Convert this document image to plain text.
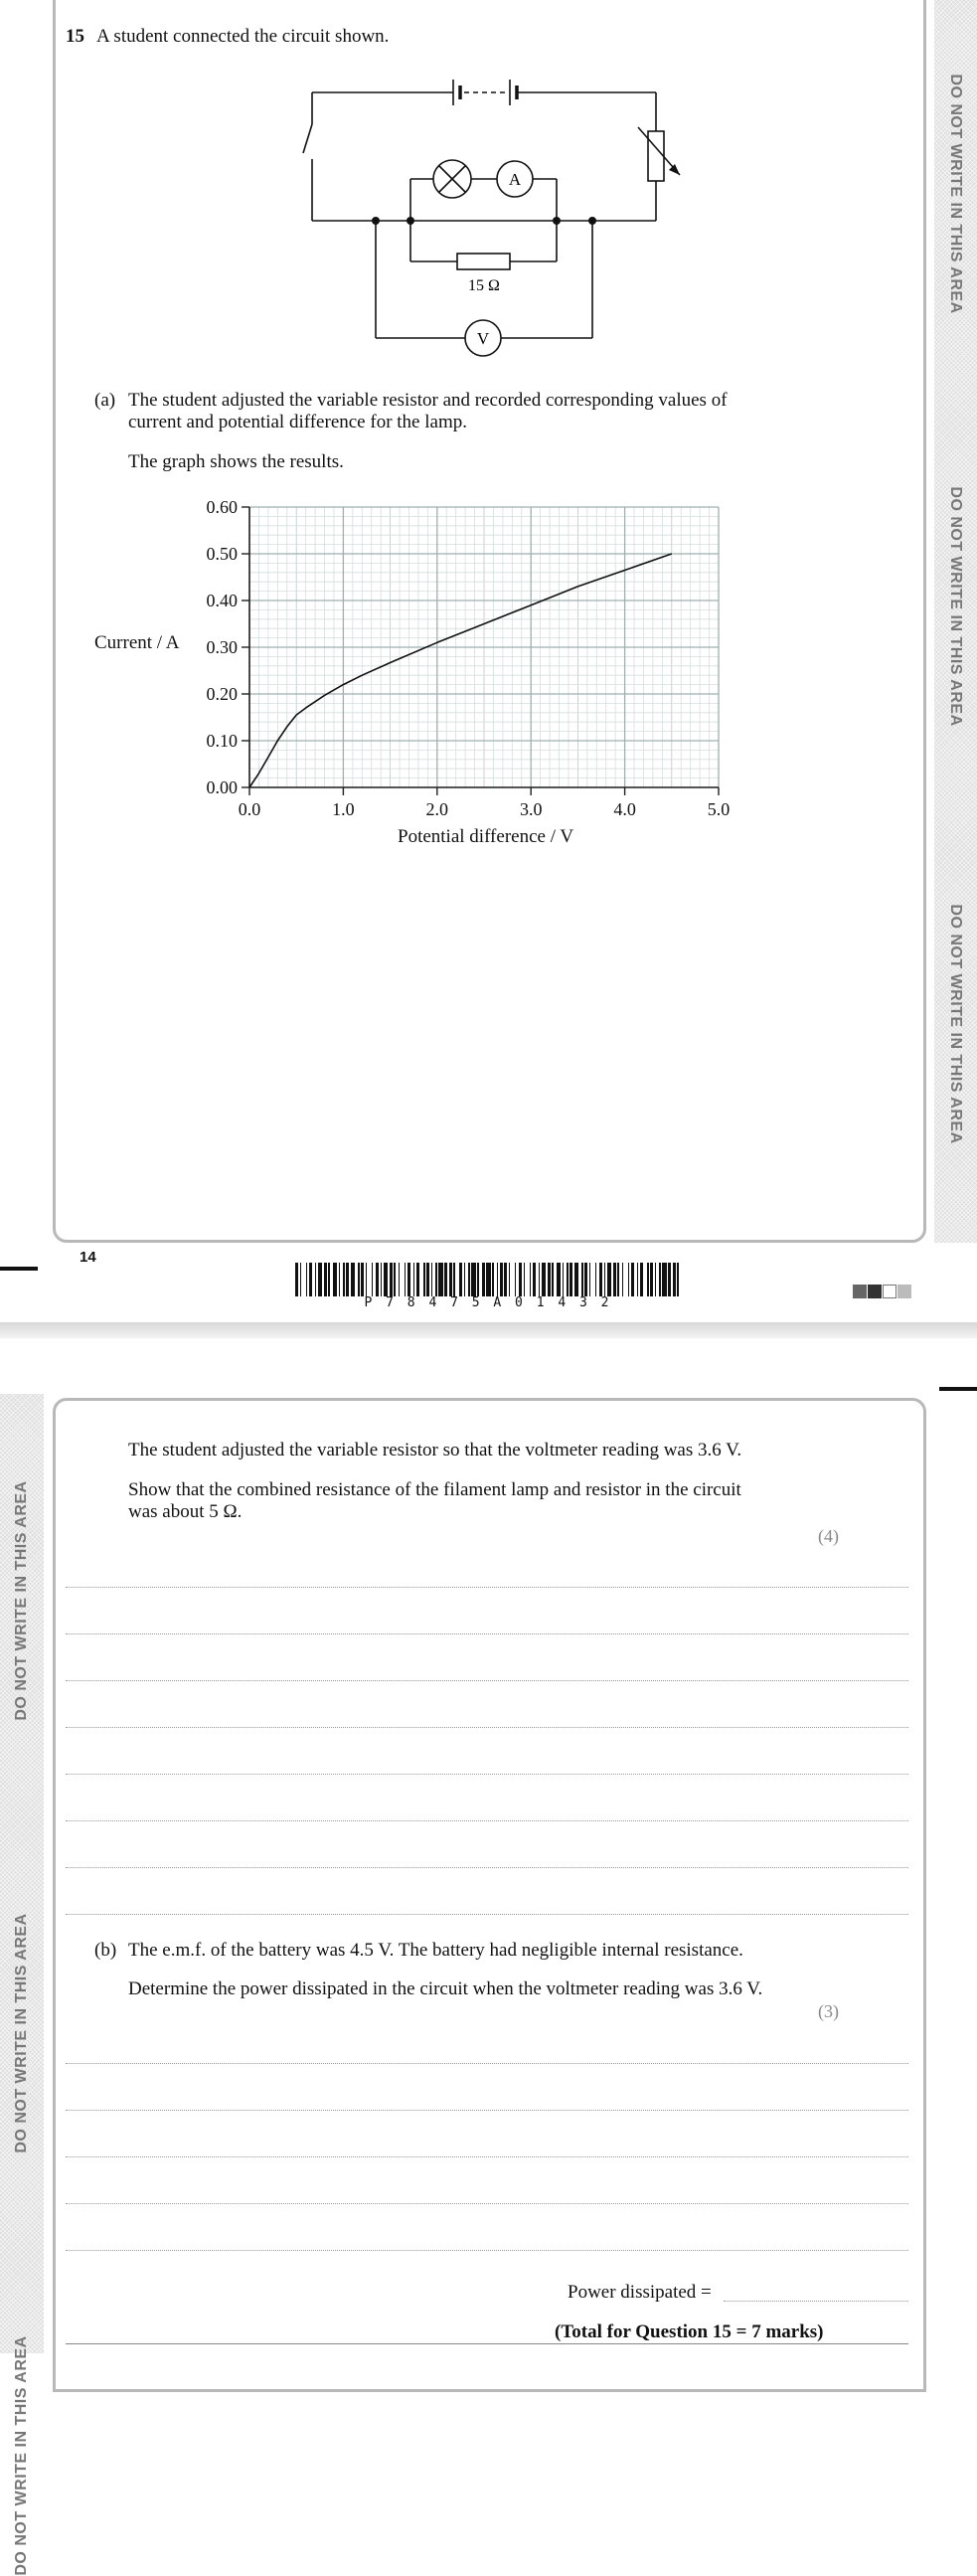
DO NOT WRITE IN THIS AREA
DO NOT WRITE IN THIS AREA
DO NOT WRITE IN THIS AREA
15 A student connected the circuit shown.
A
V
15 Ω
(a) The student adjusted the variable resistor and recorded corresponding values of
current and potential difference for the lamp.
The graph shows the results.
0.0	1.0	2.0	3.0	4.0	5.0
0.00
0.10
0.20
0.30
0.40
0.50
0.60
Current / A
Potential difference / V
14
P 7 8 4 7 5 A 0 1 4 3 2
DO NOT WRITE IN THIS AREA
DO NOT WRITE IN THIS AREA
DO NOT WRITE IN THIS AREA
The student adjusted the variable resistor so that the voltmeter reading was 3.6 V.
Show that the combined resistance of the filament lamp and resistor in the circuit
was about 5 Ω.
(4)
(b) The e.m.f. of the battery was 4.5 V. The battery had negligible internal resistance.
Determine the power dissipated in the circuit when the voltmeter reading was 3.6 V.
(3)
Power dissipated =
(Total for Question 15 = 7 marks)
